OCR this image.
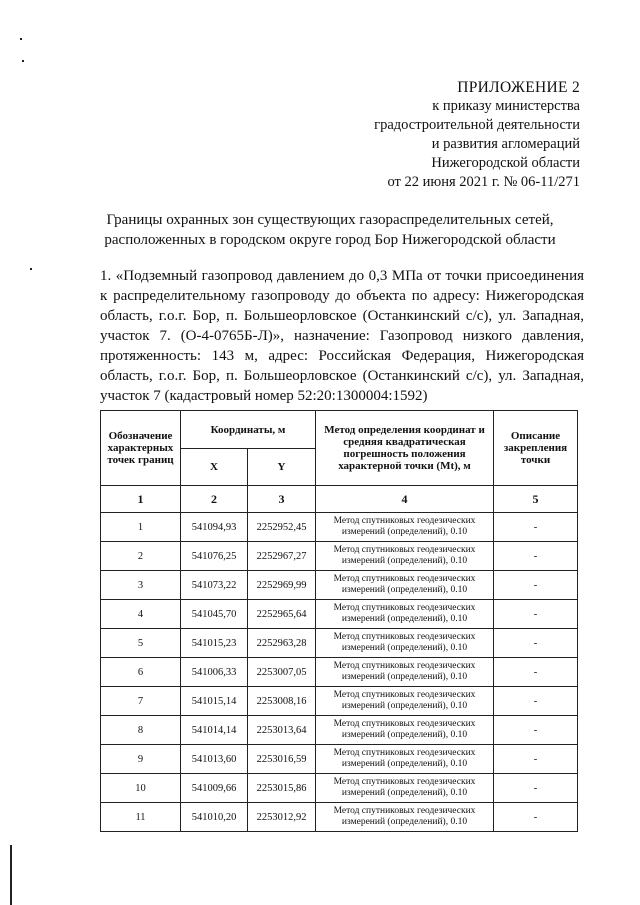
ПРИЛОЖЕНИЕ 2
к приказу министерства
градостроительной деятельности
и развития агломераций
Нижегородской области
от 22 июня 2021 г. № 06-11/271
Границы охранных зон существующих газораспределительных сетей,
расположенных в городском округе город Бор Нижегородской области
1. «Подземный газопровод давлением до 0,3 МПа от точки присоединения к распределительному газопроводу до объекта по адресу: Нижегородская область, г.о.г. Бор, п. Большеорловское (Останкинский с/с), ул. Западная, участок 7. (О-4-0765Б-Л)», назначение: Газопровод низкого давления, протяженность: 143 м, адрес: Российская Федерация, Нижегородская область, г.о.г. Бор, п. Большеорловское (Останкинский с/с), ул. Западная, участок 7 (кадастровый номер 52:20:1300004:1592)
Обозначение характерных точек границ	Координаты, м		Метод определения координат и средняя квадратическая погрешность положения характерной точки (Mt), м	Описание закрепления точки
	X	Y		
1	2	3	4	5
1	541094,93	2252952,45	Метод спутниковых геодезических измерений (определений), 0.10	-
2	541076,25	2252967,27	Метод спутниковых геодезических измерений (определений), 0.10	-
3	541073,22	2252969,99	Метод спутниковых геодезических измерений (определений), 0.10	-
4	541045,70	2252965,64	Метод спутниковых геодезических измерений (определений), 0.10	-
5	541015,23	2252963,28	Метод спутниковых геодезических измерений (определений), 0.10	-
6	541006,33	2253007,05	Метод спутниковых геодезических измерений (определений), 0.10	-
7	541015,14	2253008,16	Метод спутниковых геодезических измерений (определений), 0.10	-
8	541014,14	2253013,64	Метод спутниковых геодезических измерений (определений), 0.10	-
9	541013,60	2253016,59	Метод спутниковых геодезических измерений (определений), 0.10	-
10	541009,66	2253015,86	Метод спутниковых геодезических измерений (определений), 0.10	-
11	541010,20	2253012,92	Метод спутниковых геодезических измерений (определений), 0.10	-
